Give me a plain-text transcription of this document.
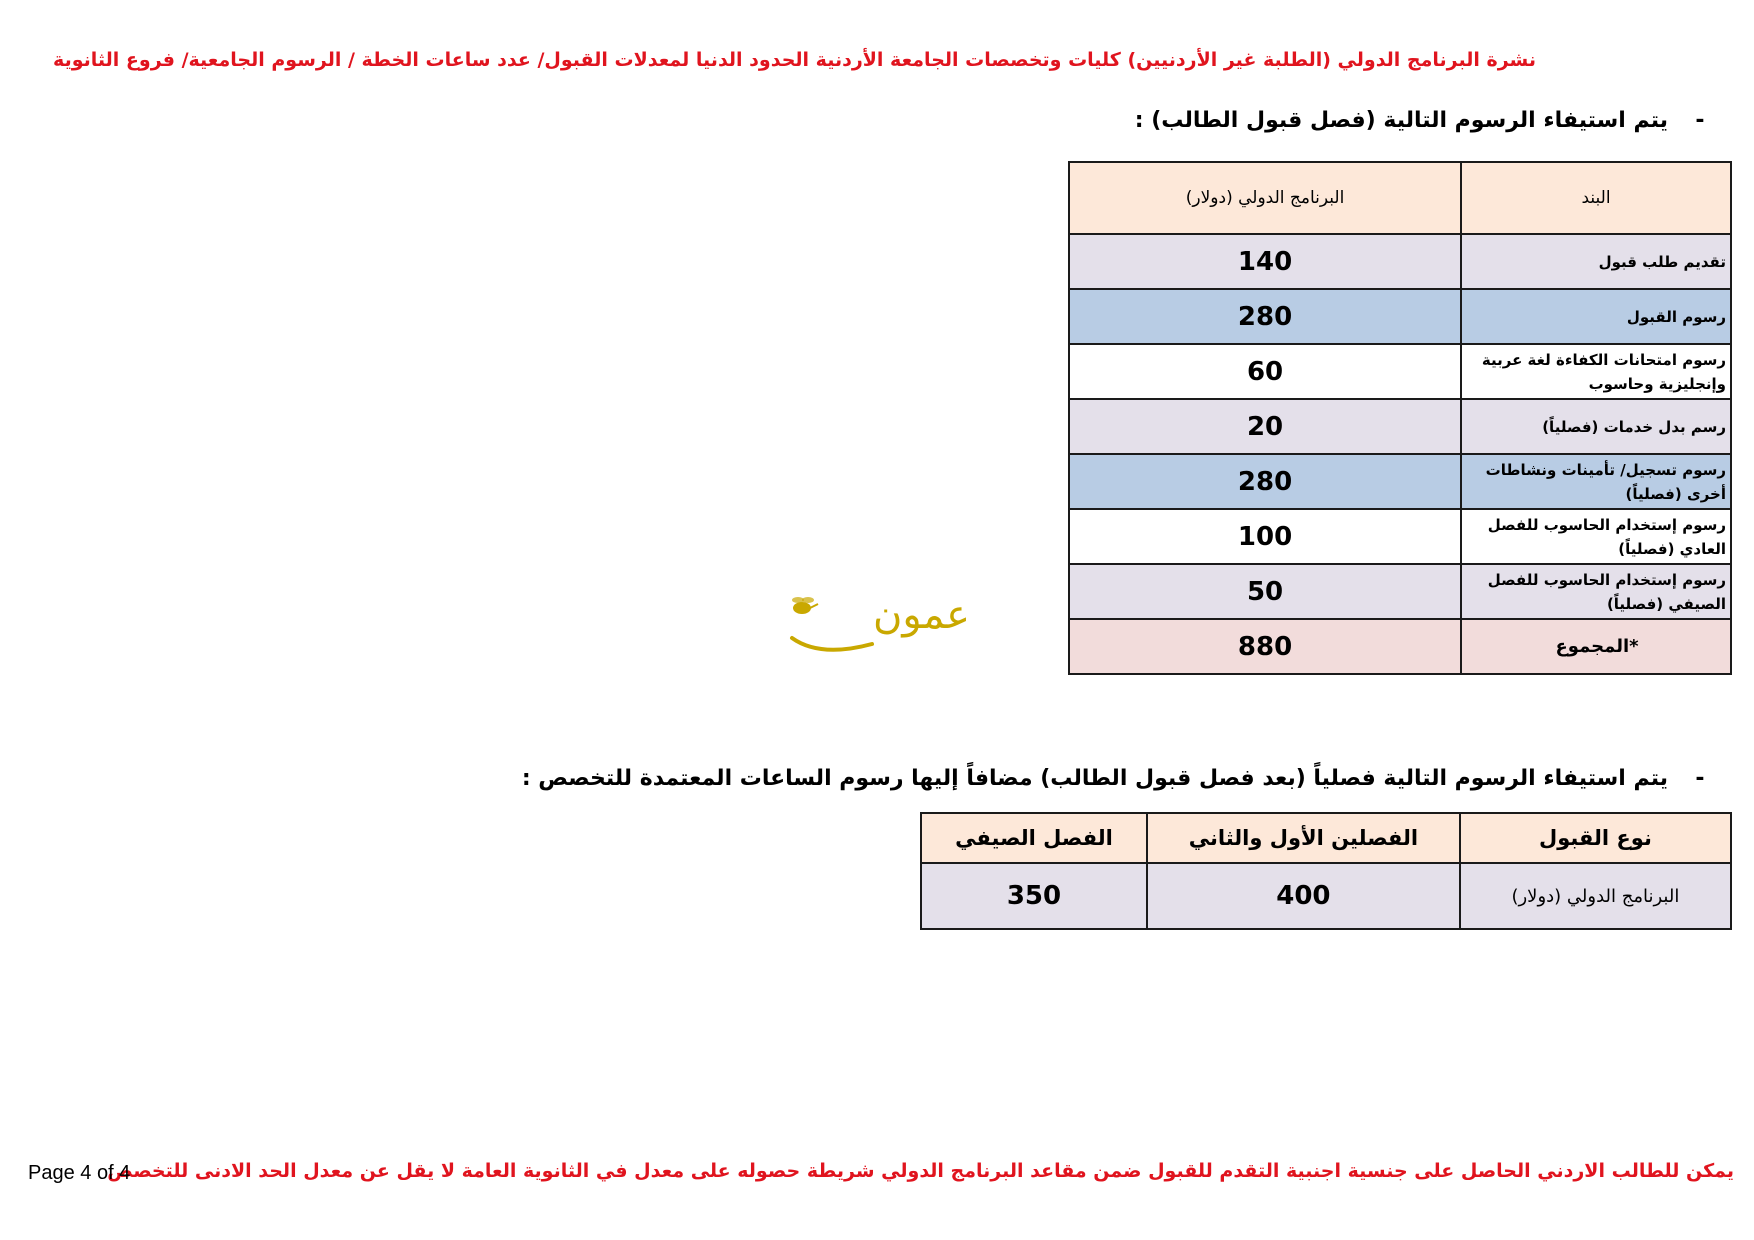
نشرة البرنامج الدولي (الطلبة غير الأردنيين) كليات وتخصصات الجامعة الأردنية الحدود الدنيا لمعدلات القبول/ عدد ساعات الخطة / الرسوم الجامعية/ فروع الثانوية
-يتم استيفاء الرسوم التالية (فصل قبول الطالب) :
البند	البرنامج الدولي (دولار)
تقديم طلب قبول	140
رسوم القبول	280
رسوم امتحانات الكفاءة لغة عربية وإنجليزية وحاسوب	60
رسم بدل خدمات (فصلياً)	20
رسوم تسجيل/ تأمينات ونشاطات أخرى (فصلياً)	280
رسوم إستخدام الحاسوب للفصل العادي (فصلياً)	100
رسوم إستخدام الحاسوب للفصل الصيفي (فصلياً)	50
*المجموع	880
عمون
-يتم استيفاء الرسوم التالية فصلياً (بعد فصل قبول الطالب) مضافاً إليها رسوم الساعات المعتمدة للتخصص :
نوع القبول	الفصلين الأول والثاني	الفصل الصيفي
البرنامج الدولي (دولار)	400	350
يمكن للطالب الاردني الحاصل على جنسية اجنبية التقدم للقبول ضمن مقاعد البرنامج الدولي شريطة حصوله على معدل في الثانوية العامة لا يقل عن معدل الحد الادنى للتخصص
Page 4 of 4
